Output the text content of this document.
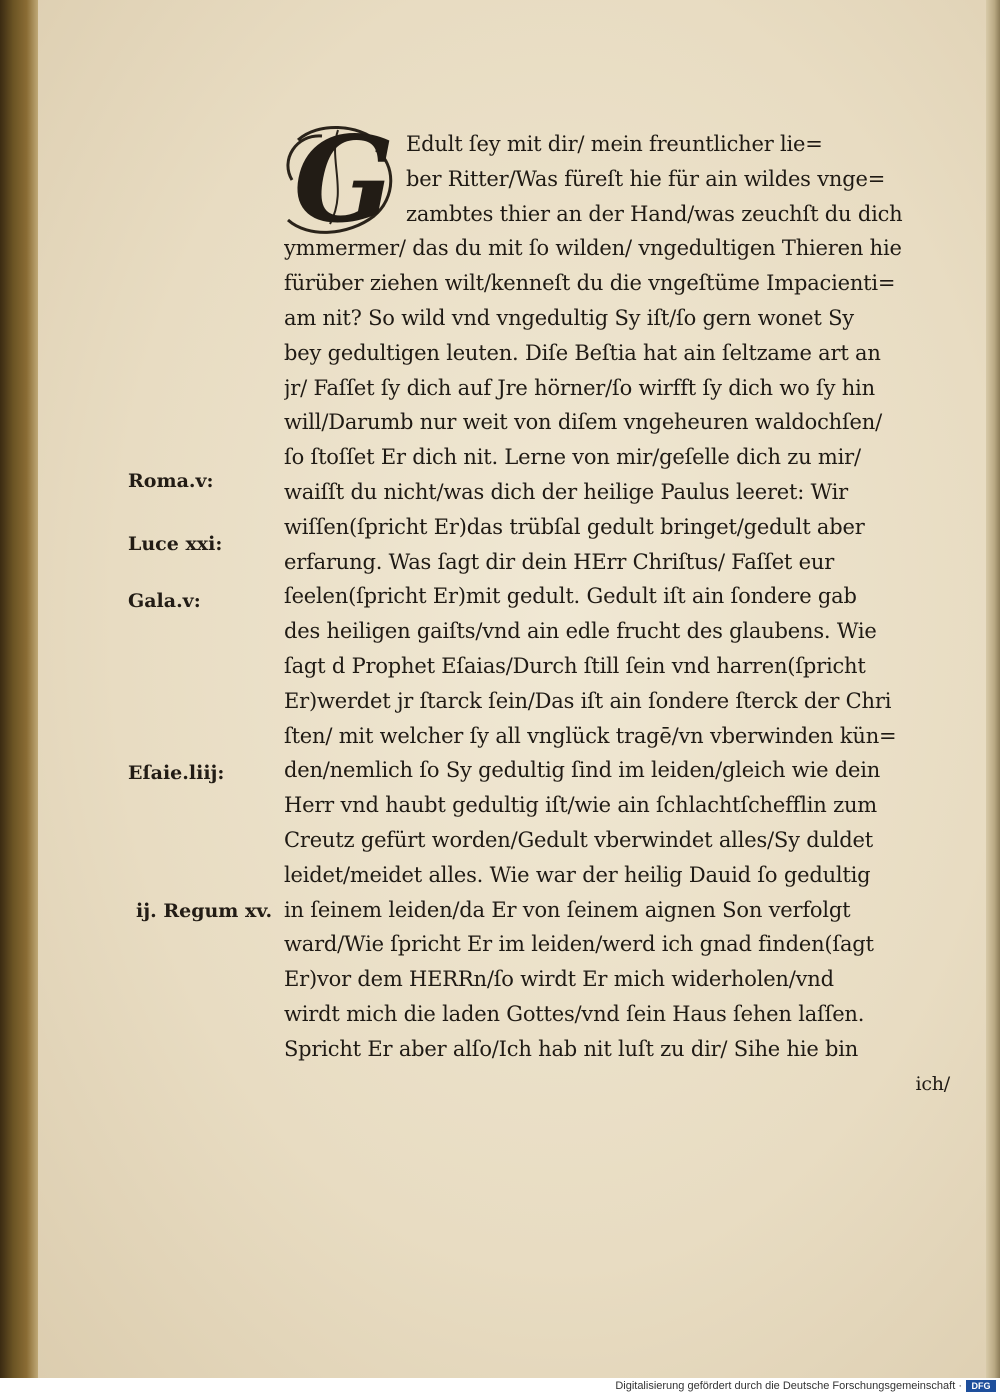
G Edult ſey mit dir/ mein freuntlicher lie=
ber Ritter/Was füreſt hie für ain wildes vnge=
zambtes thier an der Hand/was zeuchſt du dich
ymmermer/ das du mit ſo wilden/ vngedultigen Thieren hie
fürüber ziehen wilt/kenneſt du die vngeſtüme Impacienti=
am nit? So wild vnd vngedultig Sy iſt/ſo gern wonet Sy
bey gedultigen leuten. Diſe Beſtia hat ain ſeltzame art an
jr/ Faſſet ſy dich auf Jre hörner/ſo wirfft ſy dich wo ſy hin
will/Darumb nur weit von diſem vngeheuren waldochſen/
ſo ſtoſſet Er dich nit. Lerne von mir/geſelle dich zu mir/
waiſſt du nicht/was dich der heilige Paulus leeret: Wir
wiſſen(ſpricht Er)das trübſal gedult bringet/gedult aber
erfarung. Was ſagt dir dein HErr Chriſtus/ Faſſet eur
ſeelen(ſpricht Er)mit gedult. Gedult iſt ain ſondere gab
des heiligen gaiſts/vnd ain edle frucht des glaubens. Wie
ſagt d Prophet Eſaias/Durch ſtill ſein vnd harren(ſpricht
Er)werdet jr ſtarck ſein/Das iſt ain ſondere ſterck der Chri
ſten/ mit welcher ſy all vnglück tragē/vn vberwinden kün=
den/nemlich ſo Sy gedultig ſind im leiden/gleich wie dein
Herr vnd haubt gedultig iſt/wie ain ſchlachtſchefflin zum
Creutz gefürt worden/Gedult vberwindet alles/Sy duldet
leidet/meidet alles. Wie war der heilig Dauid ſo gedultig
in ſeinem leiden/da Er von ſeinem aignen Son verfolgt
ward/Wie ſpricht Er im leiden/werd ich gnad finden(ſagt
Er)vor dem HERRn/ſo wirdt Er mich widerholen/vnd
wirdt mich die laden Gottes/vnd ſein Haus ſehen laſſen.
Spricht Er aber alſo/Ich hab nit luſt zu dir/ Sihe hie bin
ich/
Roma.v:
Luce xxi:
Gala.v:
Eſaie.liij:
ij. Regum xv.
Digitalisierung gefördert durch die Deutsche Forschungsgemeinschaft ·	DFG
